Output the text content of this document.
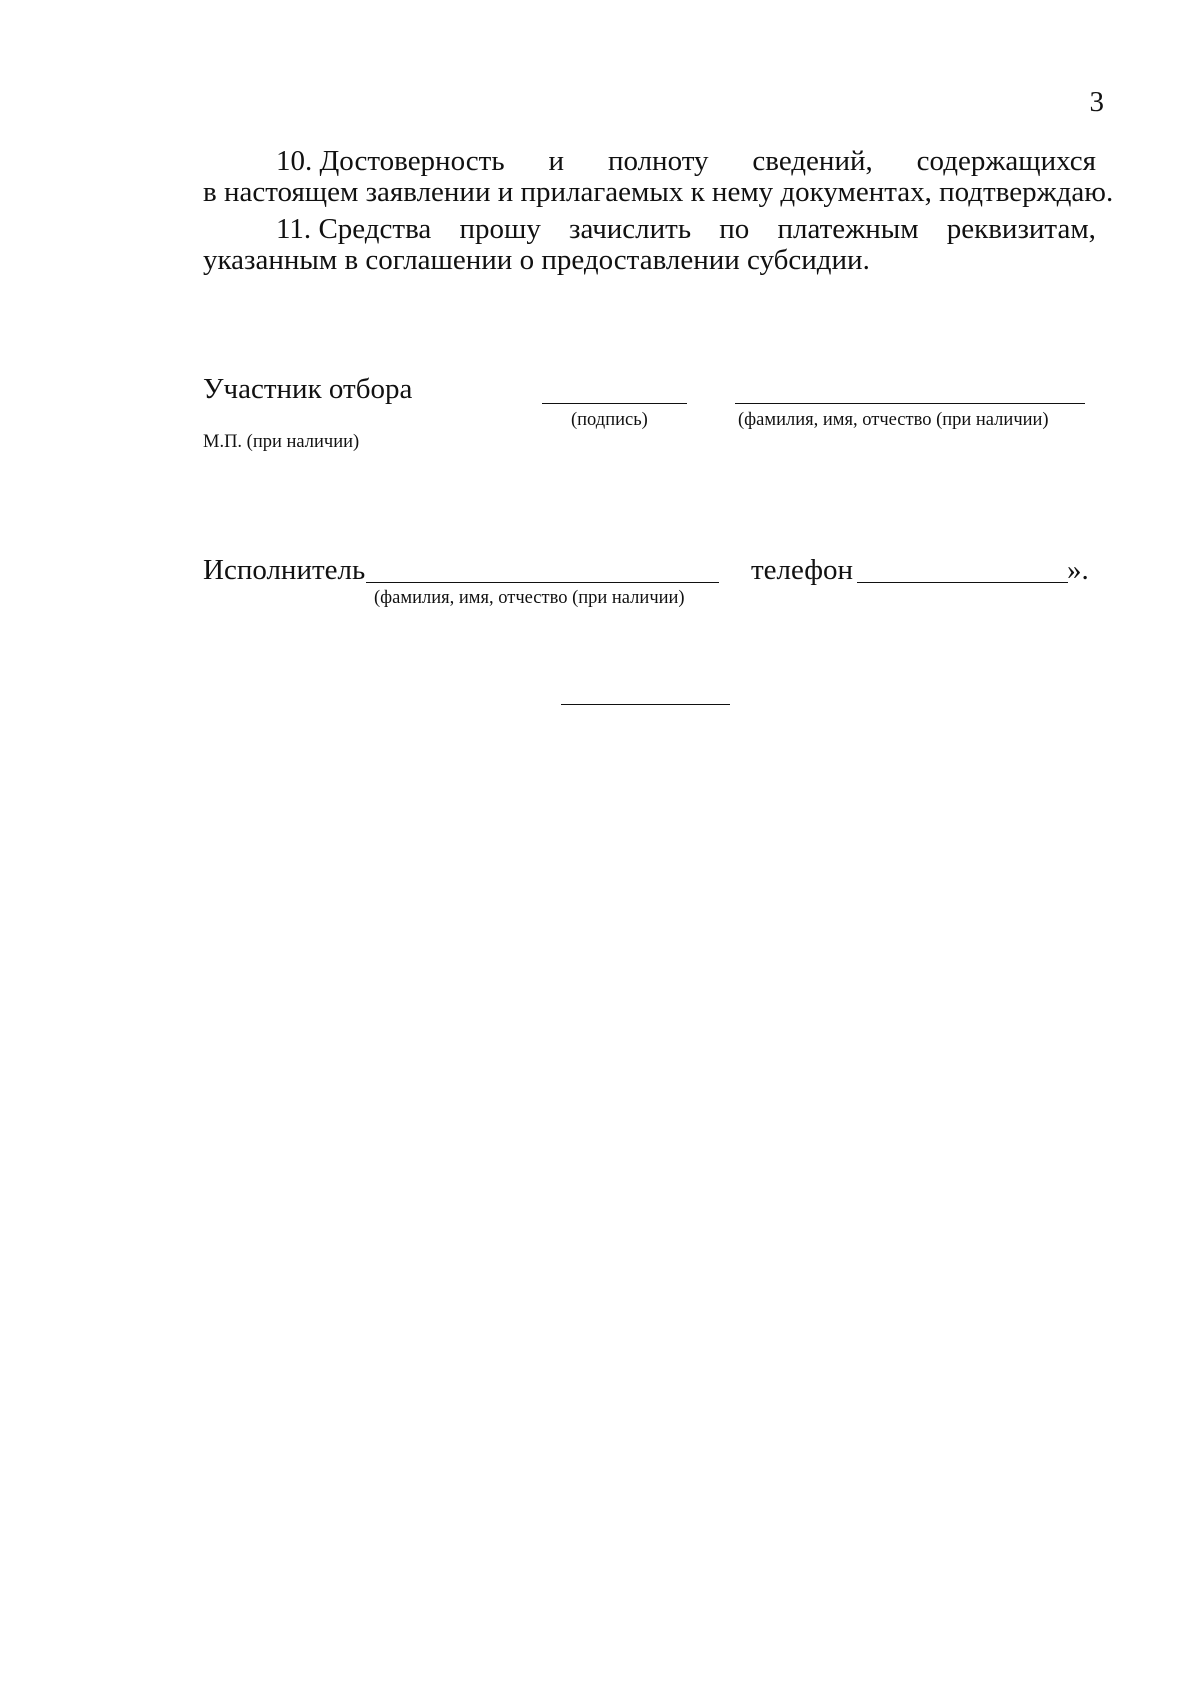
3
10. Достоверность и полноту сведений, содержащихся
в настоящем заявлении и прилагаемых к нему документах, подтверждаю.
11. Средства прошу зачислить по платежным реквизитам,
указанным в соглашении о предоставлении субсидии.
Участник отбора
(подпись)	(фамилия, имя, отчество (при наличии)
М.П. (при наличии)
Исполнитель
(фамилия, имя, отчество (при наличии)
телефон	».
